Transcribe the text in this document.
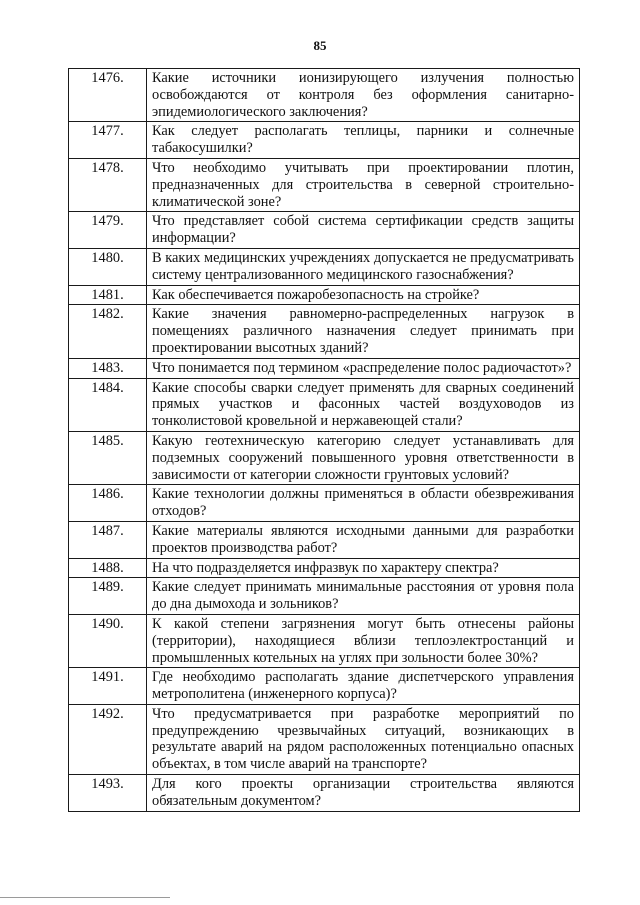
85
1476.	Какие источники ионизирующего излучения полностью освобождаются от контроля без оформления санитарно-эпидемиологического заключения?
1477.	Как следует располагать теплицы, парники и солнечные табакосушилки?
1478.	Что необходимо учитывать при проектировании плотин, предназначенных для строительства в северной строительно-климатической зоне?
1479.	Что представляет собой система сертификации средств защиты информации?
1480.	В каких медицинских учреждениях допускается не предусматривать систему централизованного медицинского газоснабжения?
1481.	Как обеспечивается пожаробезопасность на стройке?
1482.	Какие значения равномерно-распределенных нагрузок в помещениях различного назначения следует принимать при проектировании высотных зданий?
1483.	Что понимается под термином «распределение полос радиочастот»?
1484.	Какие способы сварки следует применять для сварных соединений прямых участков и фасонных частей воздуховодов из тонколистовой кровельной и нержавеющей стали?
1485.	Какую геотехническую категорию следует устанавливать для подземных сооружений повышенного уровня ответственности в зависимости от категории сложности грунтовых условий?
1486.	Какие технологии должны применяться в области обезвреживания отходов?
1487.	Какие материалы являются исходными данными для разработки проектов производства работ?
1488.	На что подразделяется инфразвук по характеру спектра?
1489.	Какие следует принимать минимальные расстояния от уровня пола до дна дымохода и зольников?
1490.	К какой степени загрязнения могут быть отнесены районы (территории), находящиеся вблизи теплоэлектростанций и промышленных котельных на углях при зольности более 30%?
1491.	Где необходимо располагать здание диспетчерского управления метрополитена (инженерного корпуса)?
1492.	Что предусматривается при разработке мероприятий по предупреждению чрезвычайных ситуаций, возникающих в результате аварий на рядом расположенных потенциально опасных объектах, в том числе аварий на транспорте?
1493.	Для кого проекты организации строительства являются обязательным документом?
